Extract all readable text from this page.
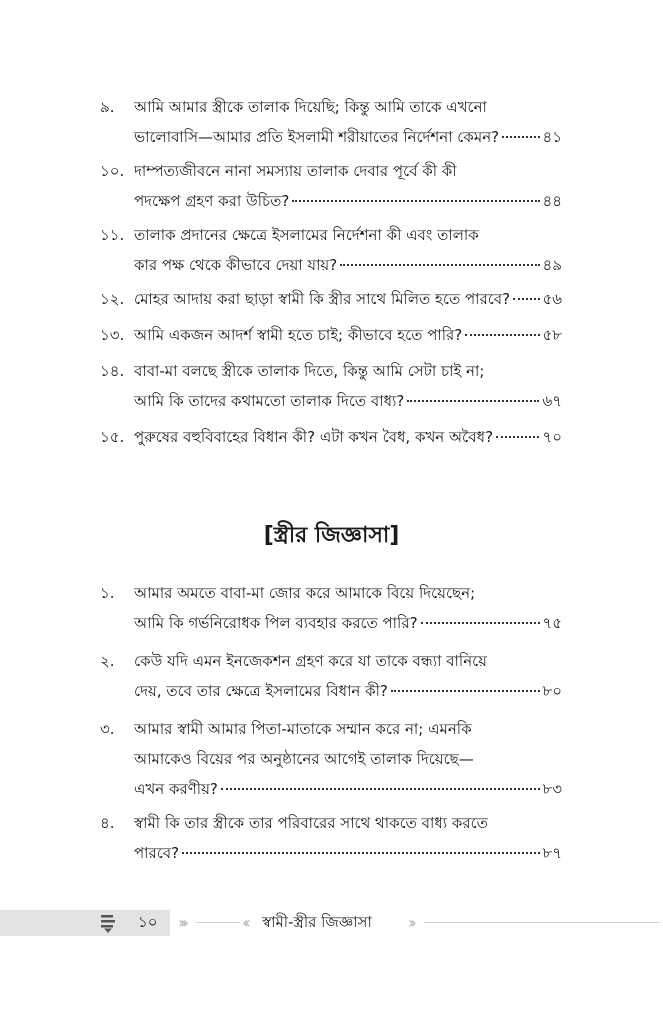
৯.	আমি আমার স্ত্রীকে তালাক দিয়েছি; কিন্তু আমি তাকে এখনো
ভালোবাসি—আমার প্রতি ইসলামী শরীয়াতের নির্দেশনা কেমন?	৪১
১০. দাম্পত্যজীবনে নানা সমস্যায় তালাক দেবার পূর্বে কী কী
পদক্ষেপ গ্রহণ করা উচিত?	৪৪
১১. তালাক প্রদানের ক্ষেত্রে ইসলামের নির্দেশনা কী এবং তালাক
কার পক্ষ থেকে কীভাবে দেয়া যায়?	৪৯
১২. মোহর আদায় করা ছাড়া স্বামী কি স্ত্রীর সাথে মিলিত হতে পারবে? ৫৬
১৩. আমি একজন আদর্শ স্বামী হতে চাই; কীভাবে হতে পারি?	৫৮
১৪. বাবা-মা বলছে স্ত্রীকে তালাক দিতে, কিন্তু আমি সেটা চাই না;
আমি কি তাদের কথামতো তালাক দিতে বাধ্য?	৬৭
১৫. পুরুষের বহুবিবাহের বিধান কী? এটা কখন বৈধ, কখন অবৈধ?	৭০
[স্ত্রীর জিজ্ঞাসা]
১.	আমার অমতে বাবা-মা জোর করে আমাকে বিয়ে দিয়েছেন;
আমি কি গর্ভনিরোধক পিল ব্যবহার করতে পারি?	৭৫
২.	কেউ যদি এমন ইনজেকশন গ্রহণ করে যা তাকে বন্ধ্যা বানিয়ে
দেয়, তবে তার ক্ষেত্রে ইসলামের বিধান কী?	৮০
৩.	আমার স্বামী আমার পিতা-মাতাকে সম্মান করে না; এমনকি
আমাকেও বিয়ের পর অনুষ্ঠানের আগেই তালাক দিয়েছে—
এখন করণীয়?	৮৩
৪.	স্বামী কি তার স্ত্রীকে তার পরিবারের সাথে থাকতে বাধ্য করতে
পারবে?	৮৭
১০ ›››	‹‹ স্বামী-স্ত্রীর জিজ্ঞাসা ››
